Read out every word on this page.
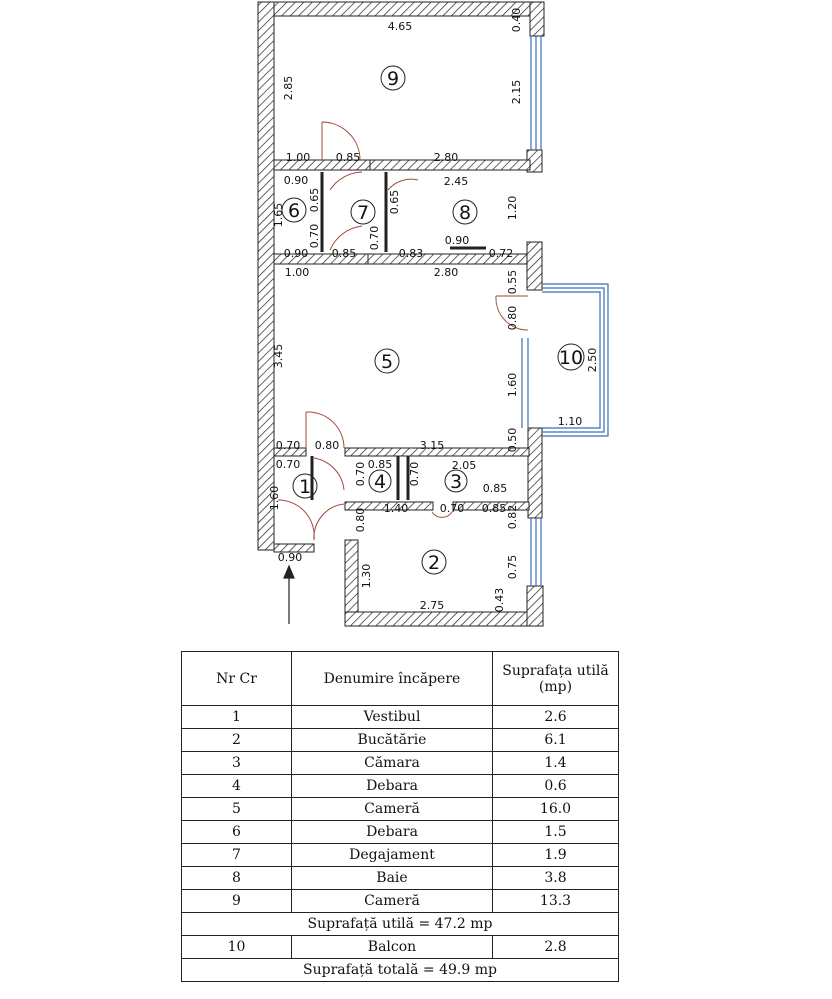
9
6	7	8
5	10
1	4	3
2
4.65
2.85
0.40
2.15
1.00 0.85	2.80
0.90
1.65
0.90
0.65
0.70
0.65
0.70
2.45
1.20
0.83
0.90
0.72
1.00
0.85
2.80	0.55
0.80
1.60
0.50
3.45
0.70 0.80	3.15
2.50
1.10
0.70
1.60
0.90
0.70 0.85	2.05
0.70
0.85
0.80 1.40	0.70 0.85 0.82
0.75
0.43
1.30
2.75
Nr Cr	Denumire încăpere	Suprafața utilă
(mp)
1	Vestibul	2.6
2	Bucătărie	6.1
3	Cămara	1.4
4	Debara	0.6
5	Cameră	16.0
6	Debara	1.5
7	Degajament	1.9
8	Baie	3.8
9	Cameră	13.3
Suprafață utilă = 47.2 mp		
10	Balcon	2.8
Suprafață totală = 49.9 mp		
